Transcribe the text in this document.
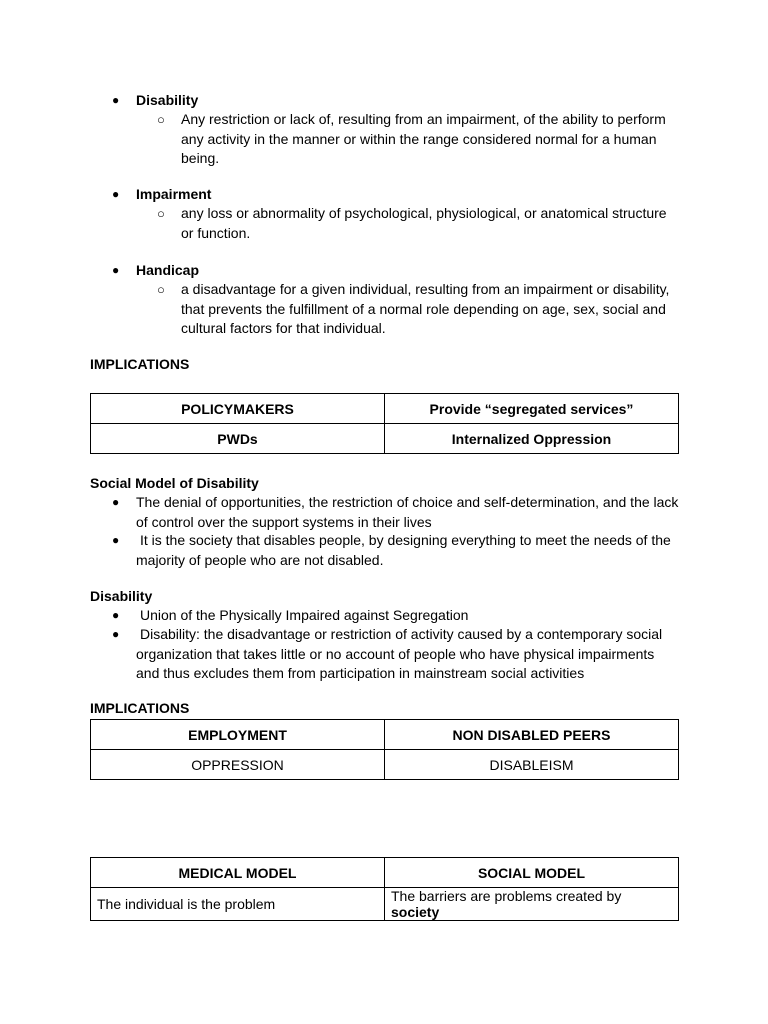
● Disability
○ Any restriction or lack of, resulting from an impairment, of the ability to perform any activity in the manner or within the range considered normal for a human being.
● Impairment
○ any loss or abnormality of psychological, physiological, or anatomical structure or function.
● Handicap
○ a disadvantage for a given individual, resulting from an impairment or disability, that prevents the fulfillment of a normal role depending on age, sex, social and cultural factors for that individual.
IMPLICATIONS
POLICYMAKERS	Provide “segregated services”
PWDs	Internalized Oppression
Social Model of Disability
● The denial of opportunities, the restriction of choice and self-determination, and the lack of control over the support systems in their lives
● It is the society that disables people, by designing everything to meet the needs of the majority of people who are not disabled.
Disability
● Union of the Physically Impaired against Segregation
● Disability: the disadvantage or restriction of activity caused by a contemporary social organization that takes little or no account of people who have physical impairments and thus excludes them from participation in mainstream social activities
IMPLICATIONS
EMPLOYMENT	NON DISABLED PEERS
OPPRESSION	DISABLEISM
MEDICAL MODEL	SOCIAL MODEL
The individual is the problem	The barriers are problems created by society
